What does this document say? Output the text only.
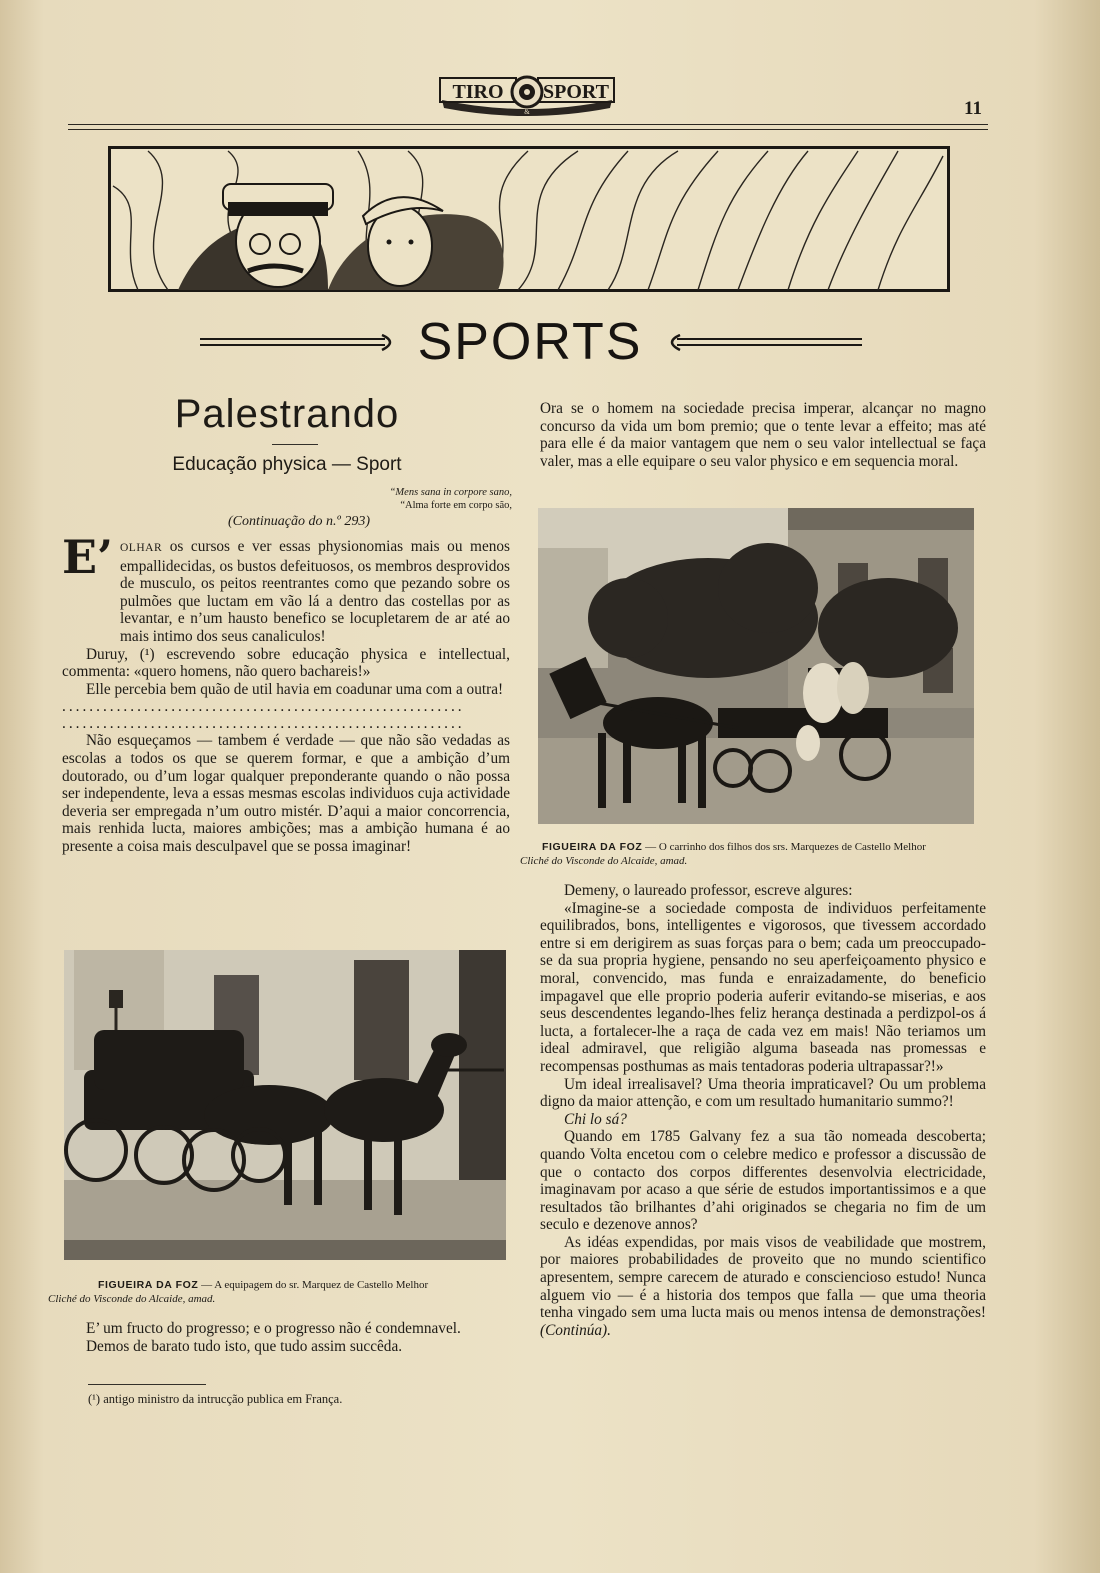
TIRO SPORT
&	11
SPORTS
Palestrando
Educação physica — Sport
“Mens sana in corpore sano,
“Alma forte em corpo são,
(Continuação do n.º 293)
E’ OLHAR os cursos e ver essas physionomias mais ou menos empallidecidas, os bustos defeituosos, os membros desprovidos de musculo, os peitos reentrantes como que pezando sobre os pulmões que luctam em vão lá a dentro das costellas por as levantar, e n’um hausto benefico se locupletarem de ar até ao mais intimo dos seus canaliculos!

Duruy, (¹) escrevendo sobre educação physica e intellectual, commenta: «quero homens, não quero bachareis!»

Elle percebia bem quão de util havia em coadunar uma com a outra!

...........................................................
...........................................................

Não esqueçamos — tambem é verdade — que não são vedadas as escolas a todos os que se querem formar, e que a ambição d’um doutorado, ou d’um logar qualquer preponderante quando o não possa ser independente, leva a essas mesmas escolas individuos cuja actividade deveria ser empregada n’um outro mistér. D’aqui a maior concorrencia, mais renhida lucta, maiores ambições; mas a ambição humana é ao presente a coisa mais desculpavel que se possa imaginar!

FIGUEIRA DA FOZ — A equipagem do sr. Marquez de Castello Melhor
Cliché do Visconde do Alcaide, amad.

E’ um fructo do progresso; e o progresso não é condemnavel.

Demos de barato tudo isto, que tudo assim succêda.

(¹) antigo ministro da intrucção publica em França.

Ora se o homem na sociedade precisa imperar, alcançar no magno concurso da vida um bom premio; que o tente levar a effeito; mas até para elle é da maior vantagem que nem o seu valor intellectual se faça valer, mas a elle equipare o seu valor physico e em sequencia moral.

FIGUEIRA DA FOZ — O carrinho dos filhos dos srs. Marquezes de Castello Melhor
Cliché do Visconde do Alcaide, amad.

Demeny, o laureado professor, escreve algures:

«Imagine-se a sociedade composta de individuos perfeitamente equilibrados, bons, intelligentes e vigorosos, que tivessem accordado entre si em derigirem as suas forças para o bem; cada um preoccupado-se da sua propria hygiene, pensando no seu aperfeiçoamento physico e moral, convencido, mas funda e enraizadamente, do beneficio impagavel que elle proprio poderia auferir evitando-se miserias, e aos seus descendentes legando-lhes feliz herança destinada a perdizpol-os á lucta, a fortalecer-lhe a raça de cada vez em mais! Não teriamos um ideal admiravel, que religião alguma baseada nas promessas e recompensas posthumas as mais tentadoras poderia ultrapassar?!»

Um ideal irrealisavel? Uma theoria impraticavel? Ou um problema digno da maior attenção, e com um resultado humanitario summo?!

Chi lo sá?

Quando em 1785 Galvany fez a sua tão nomeada descoberta; quando Volta encetou com o celebre medico e professor a discussão de que o contacto dos corpos differentes desenvolvia electricidade, imaginavam por acaso a que série de estudos importantissimos e a que resultados tão brilhantes d’ahi originados se chegaria no fim de um seculo e dezenove annos?

As idéas expendidas, por mais visos de veabilidade que mostrem, por maiores probabilidades de proveito que no mundo scientifico apresentem, sempre carecem de aturado e consciencioso estudo! Nunca alguem vio — é a historia dos tempos que falla — que uma theoria tenha vingado sem uma lucta mais ou menos intensa de demonstrações! (Continúa).
